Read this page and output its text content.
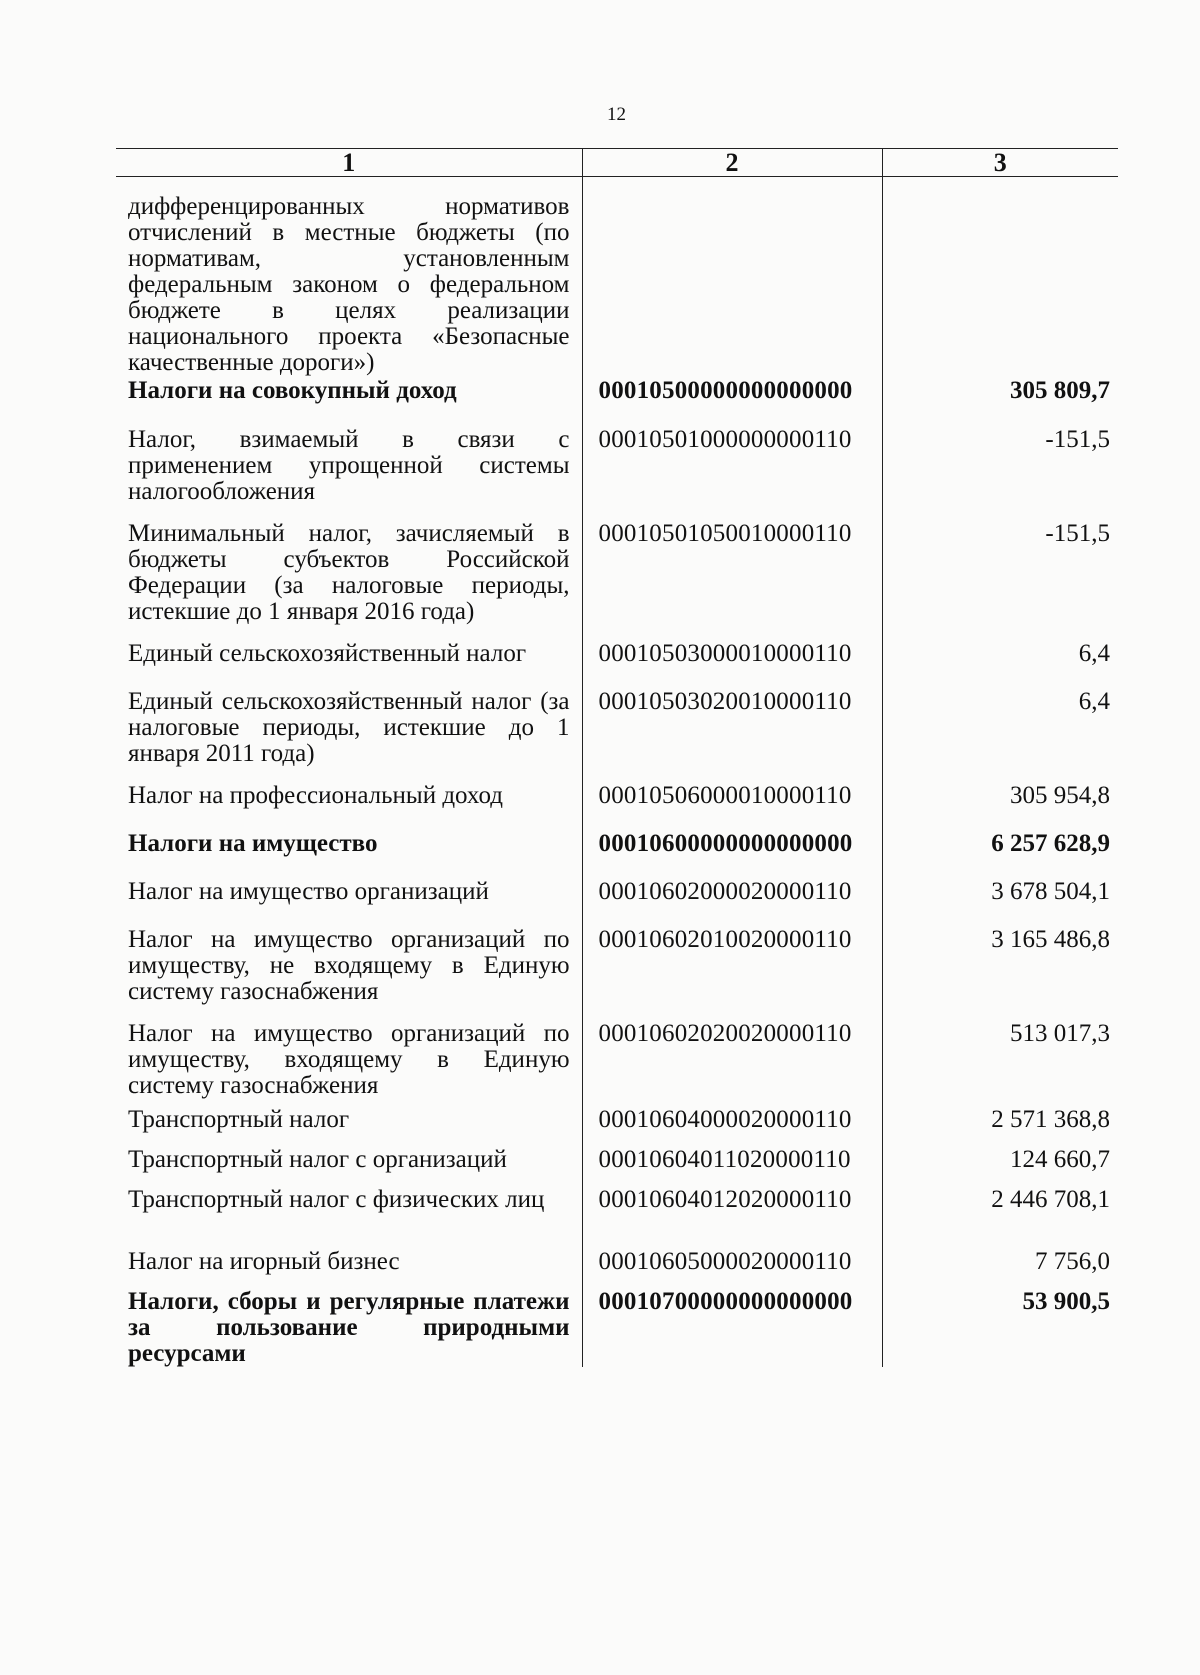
12
1	2	3
дифференцированных нормативов отчислений в местные бюджеты (по нормативам, установленным федеральным законом о федеральном бюджете в целях реализации национального проекта «Безопасные качественные дороги»)		
Налоги на совокупный доход	00010500000000000000	305 809,7
Налог, взимаемый в связи с применением упрощенной системы налогообложения	00010501000000000110	-151,5
Минимальный налог, зачисляемый в бюджеты субъектов Российской Федерации (за налоговые периоды, истекшие до 1 января 2016 года)	00010501050010000110	-151,5
Единый сельскохозяйственный налог	00010503000010000110	6,4
Единый сельскохозяйственный налог (за налоговые периоды, истекшие до 1 января 2011 года)	00010503020010000110	6,4
Налог на профессиональный доход	00010506000010000110	305 954,8
Налоги на имущество	00010600000000000000	6 257 628,9
Налог на имущество организаций	00010602000020000110	3 678 504,1
Налог на имущество организаций по имуществу, не входящему в Единую систему газоснабжения	00010602010020000110	3 165 486,8
Налог на имущество организаций по имуществу, входящему в Единую систему газоснабжения	00010602020020000110	513 017,3
Транспортный налог	00010604000020000110	2 571 368,8
Транспортный налог с организаций	00010604011020000110	124 660,7
Транспортный налог с физических лиц	00010604012020000110	2 446 708,1
Налог на игорный бизнес	00010605000020000110	7 756,0
Налоги, сборы и регулярные платежи за пользование природными ресурсами	00010700000000000000	53 900,5
